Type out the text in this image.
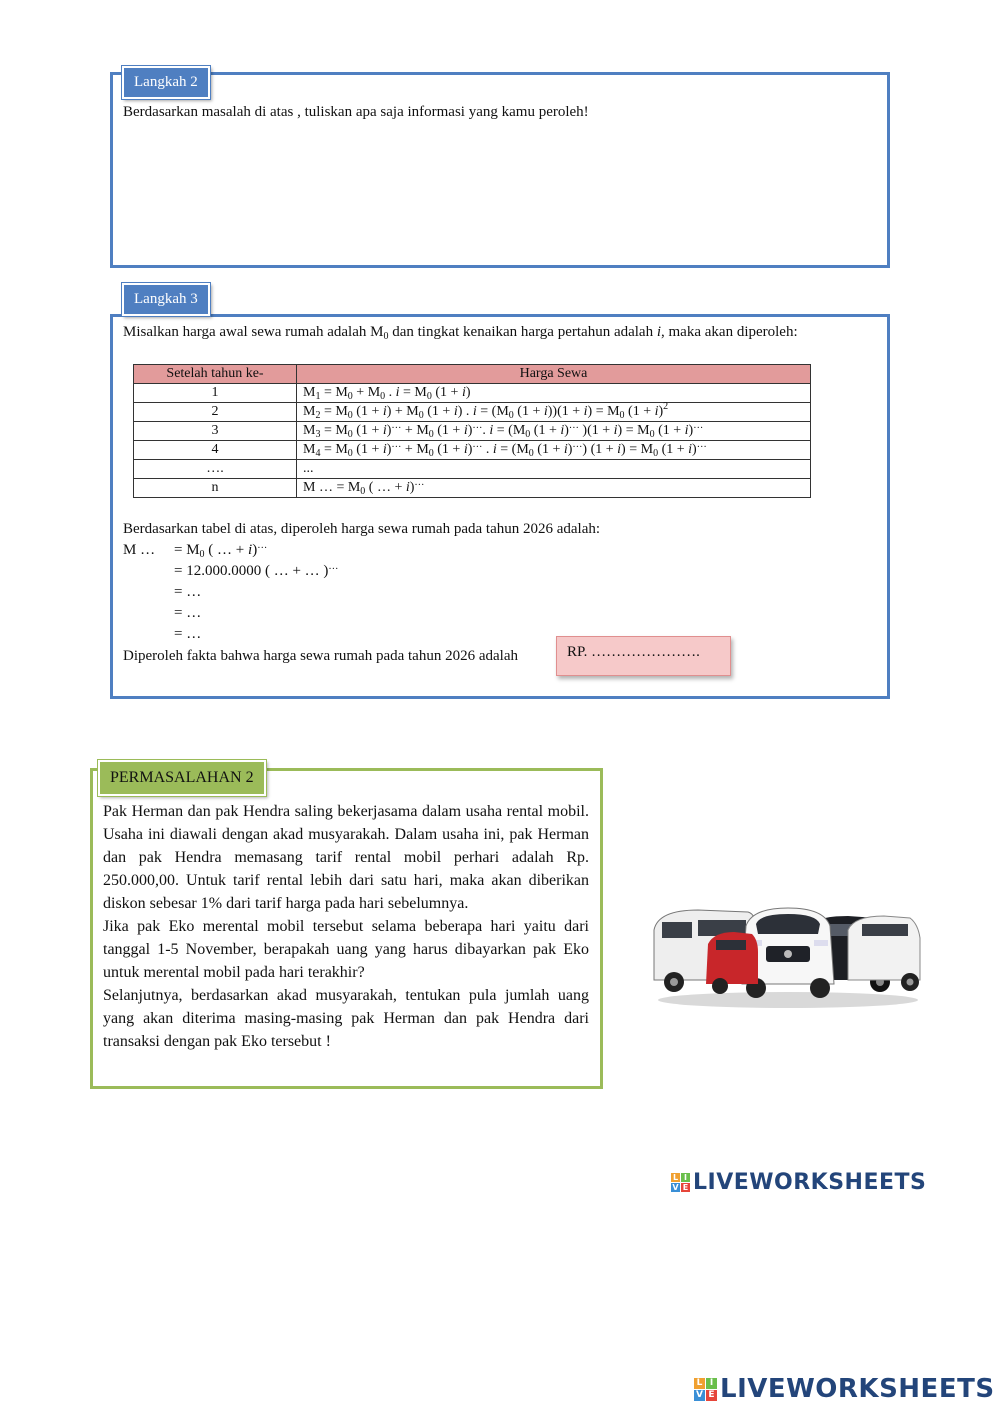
Langkah 2
Berdasarkan masalah di atas , tuliskan apa saja informasi yang kamu peroleh!
Langkah 3
Misalkan harga awal sewa rumah adalah $M_0$ dan tingkat kenaikan harga pertahun adalah i, maka akan diperoleh:
Setelah tahun ke-	Harga Sewa
1	$M_1 = M_0 + M_0$ . $i = M_0$ (1 + i)
2	$M_2 = M_0$ $(1 + i) + M_0$ (1 + i) . $i = (M_0$ $(1 + i))(1 + i) = M_0$ $(1 + i)^2$
3	$M_3 = M_0$ $(1 + i)^\dots + M_0$ (1 + i)…. $i = (M_0$ (1 + i)… )$(1 + i) = M_0$ (1 + i)…
4	$M_4 = M_0$ $(1 + i)^\dots + M_0$ (1 + i)… . $i = (M_0$ (1 + i)…) $(1 + i) = M_0$ (1 + i)…
….	...
n	M … = $M_0$ ( … + i)…
Berdasarkan tabel di atas, diperoleh harga sewa rumah pada tahun 2026 adalah:
M … = $M_0$ ( … + i)…
= 12.000.0000 ( … + … )…
= …
= …
= …
Diperoleh fakta bahwa harga sewa rumah pada tahun 2026 adalah	RP. ………………….
PERMASALAHAN 2

Pak Herman dan pak Hendra saling bekerjasama dalam usaha rental mobil. Usaha ini diawali dengan akad musyarakah. Dalam usaha ini, pak Herman dan pak Hendra memasang tarif rental mobil perhari adalah Rp. 250.000,00. Untuk tarif rental lebih dari satu hari, maka akan diberikan diskon sebesar 1% dari tarif harga pada hari sebelumnya.

Jika pak Eko merental mobil tersebut selama beberapa hari yaitu dari tanggal 1-5 November, berapakah uang yang harus dibayarkan pak Eko untuk merental mobil pada hari terakhir?

Selanjutnya, berdasarkan akad musyarakah, tentukan pula jumlah uang yang akan diterima masing-masing pak Herman dan pak Hendra dari transaksi dengan pak Eko tersebut !

L I
V E LIVEWORKSHEETS
L I
V E LIVEWORKSHEETS
